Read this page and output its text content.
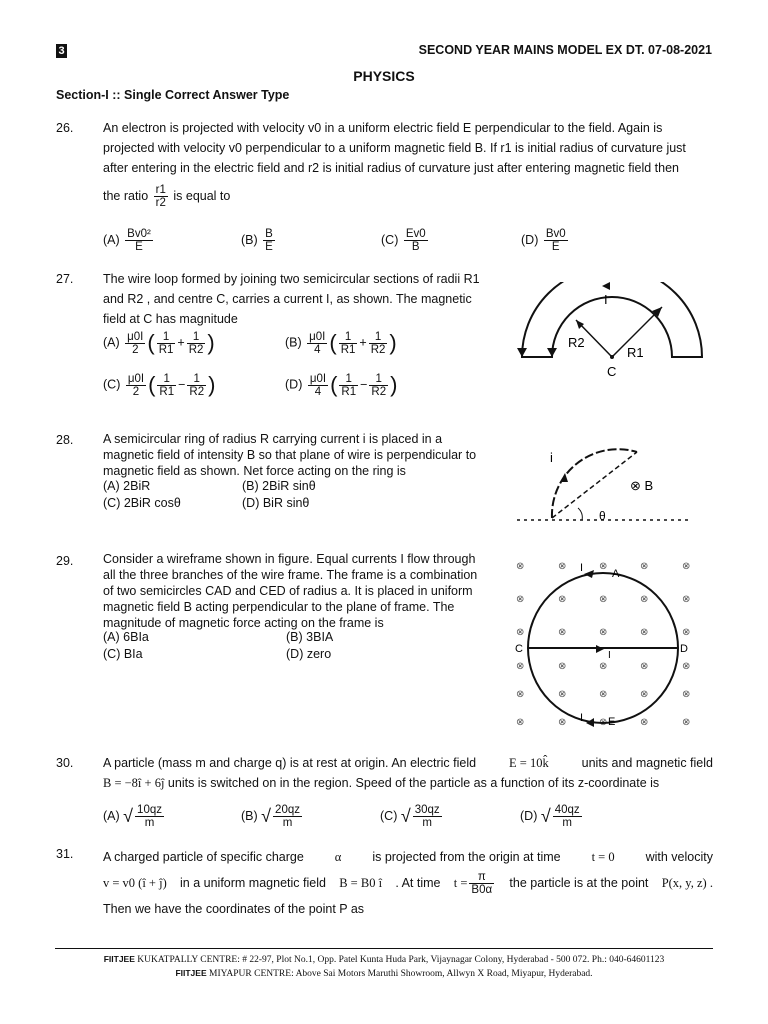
3	SECOND YEAR MAINS MODEL EX DT. 07-08-2021
PHYSICS
Section-I :: Single Correct Answer Type
26. An electron is projected with velocity v0 in a uniform electric field E perpendicular to the field. Again is
projected with velocity v0 perpendicular to a uniform magnetic field B. If r1 is initial radius of curvature just
after entering in the electric field and r2 is initial radius of curvature just after entering magnetic field then
the ratio $\frac{r1}{r2}$ is equal to
$(A) \frac{\text{Bv0²}}{E}$	$(B) \frac{B}{E}$	$(C) \frac{Ev0}{B}$	$(D) \frac{Bv0}{E}$
27. The wire loop formed by joining two semicircular sections of radii R1
and R2 , and centre C, carries a current I, as shown. The magnetic
field at C has magnitude
$(A) \frac{\mu 0I}{2}$ ( $\frac{1}{R1} + \frac{1}{R2}$ )	$(B) \frac{\mu 0I}{4}$ ( $\frac{1}{R1} + \frac{1}{R2}$ )
$(C) \frac{\mu 0I}{2}$ ( $\frac{1}{R1} - \frac{1}{R2}$ )	$(D) \frac{\mu 0I}{4}$ ( $\frac{1}{R1} - \frac{1}{R2}$ )
I
R2
R1
C
28. A semicircular ring of radius R carrying current i is placed in a
magnetic field of intensity B so that plane of wire is perpendicular to
magnetic field as shown. Net force acting on the ring is
(A) 2BiR	(B) 2BiR sinθ
(C) 2BiR cosθ	(D) BiR sinθ
i
⊗ B
θ
29. Consider a wireframe shown in figure. Equal currents I flow through
all the three branches of the wire frame. The frame is a combination
of two semicircles CAD and CED of radius a. It is placed in uniform
magnetic field B acting perpendicular to the plane of frame. The
magnitude of magnetic force acting on the frame is
(A) 6BIa	(B) 3BIA
(C) BIa	(D) zero
⊗	⊗	⊗	⊗	⊗
⊗	⊗	⊗	⊗	⊗
⊗	⊗	⊗	⊗	⊗
⊗	⊗	⊗	⊗	⊗
⊗	⊗	⊗	⊗	⊗
⊗	⊗	⊗	⊗	⊗
I	A
C	D
I
I E
30. A particle (mass m and charge q) is at rest at origin. An electric field	E = 10k̂	units and magnetic field
B = −8î + 6ĵ units is switched on in the region. Speed of the particle as a function of its z-coordinate is
(A) √ $\frac{10qz}{m}$	(B) √ $\frac{20qz}{m}$	(C) √ $\frac{30qz}{m}$	(D) √ $\frac{40qz}{m}$
31. A charged particle of specific charge α is projected from the origin at time t = 0 with velocity
v = v0 (î + ĵ) in a uniform magnetic field B = B0 î . At time $t = \frac{\pi}{B0\alpha}$ the particle is at the point P(x, y, z) .
Then we have the coordinates of the point P as
FIITJEE KUKATPALLY CENTRE: # 22-97, Plot No.1, Opp. Patel Kunta Huda Park, Vijaynagar Colony, Hyderabad - 500 072. Ph.: 040-64601123
FIITJEE MIYAPUR CENTRE: Above Sai Motors Maruthi Showroom, Allwyn X Road, Miyapur, Hyderabad.
